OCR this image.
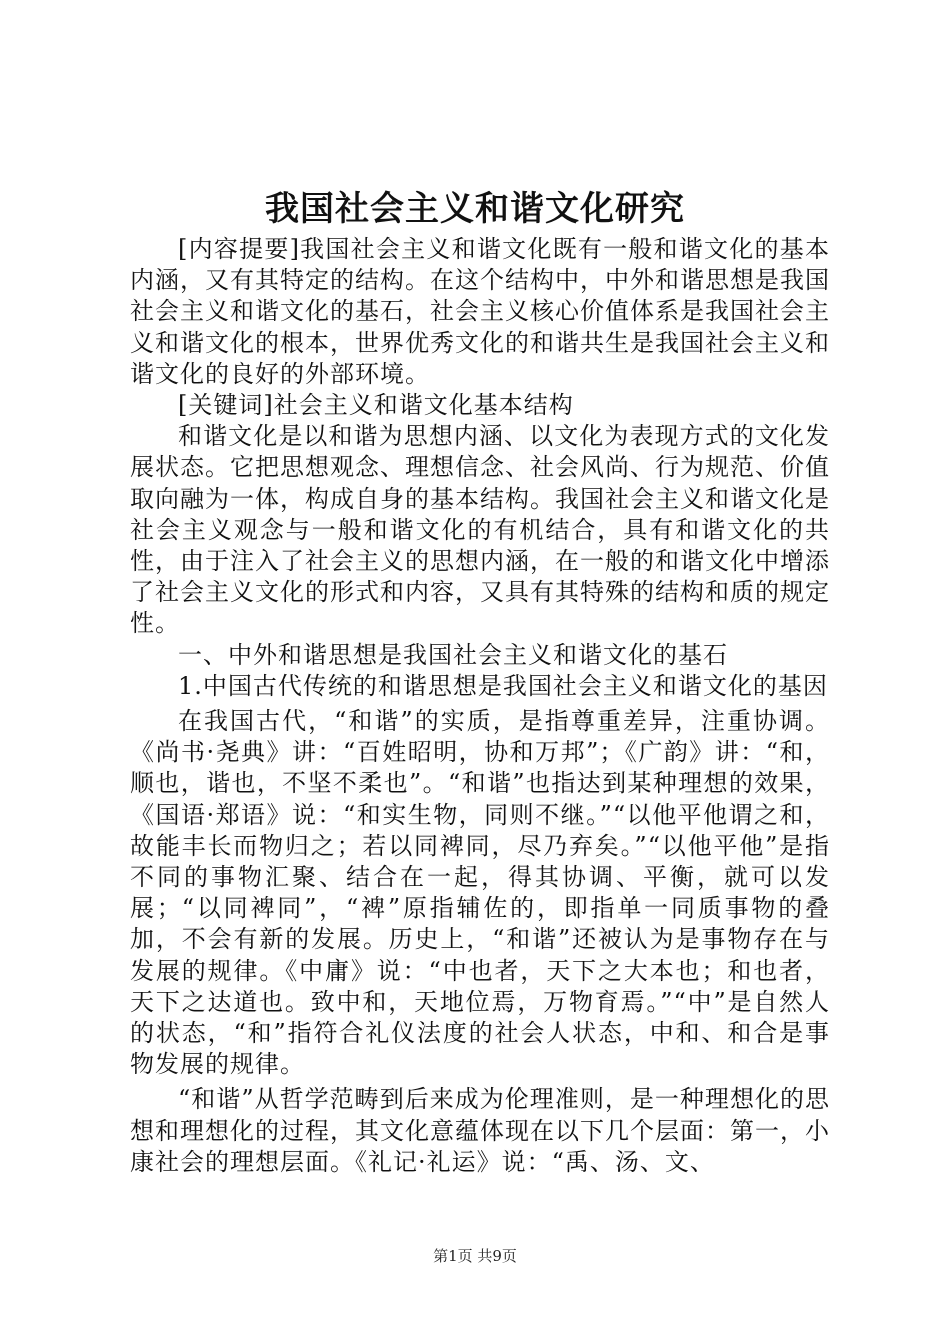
我国社会主义和谐文化研究

[内容提要]我国社会主义和谐文化既有一般和谐文化的基本内涵，又有其特定的结构。在这个结构中，中外和谐思想是我国社会主义和谐文化的基石，社会主义核心价值体系是我国社会主义和谐文化的根本，世界优秀文化的和谐共生是我国社会主义和谐文化的良好的外部环境。

[关键词]社会主义和谐文化基本结构

和谐文化是以和谐为思想内涵、以文化为表现方式的文化发展状态。它把思想观念、理想信念、社会风尚、行为规范、价值取向融为一体，构成自身的基本结构。我国社会主义和谐文化是社会主义观念与一般和谐文化的有机结合，具有和谐文化的共性，由于注入了社会主义的思想内涵，在一般的和谐文化中增添了社会主义文化的形式和内容，又具有其特殊的结构和质的规定性。

一、中外和谐思想是我国社会主义和谐文化的基石

1.中国古代传统的和谐思想是我国社会主义和谐文化的基因

在我国古代，“和谐”的实质，是指尊重差异，注重协调。《尚书·尧典》讲：“百姓昭明，协和万邦”；《广韵》讲：“和，顺也，谐也，不坚不柔也”。“和谐”也指达到某种理想的效果，《国语·郑语》说：“和实生物，同则不继。”“以他平他谓之和，故能丰长而物归之；若以同裨同，尽乃弃矣。”“以他平他”是指不同的事物汇聚、结合在一起，得其协调、平衡，就可以发展；“以同裨同”，“裨”原指辅佐的，即指单一同质事物的叠加，不会有新的发展。历史上，“和谐”还被认为是事物存在与发展的规律。《中庸》说：“中也者，天下之大本也；和也者，天下之达道也。致中和，天地位焉，万物育焉。”“中”是自然人的状态，“和”指符合礼仪法度的社会人状态，中和、和合是事物发展的规律。

“和谐”从哲学范畴到后来成为伦理准则，是一种理想化的思想和理想化的过程，其文化意蕴体现在以下几个层面：第一，小康社会的理想层面。《礼记·礼运》说：“禹、汤、文、

第1页 共9页
